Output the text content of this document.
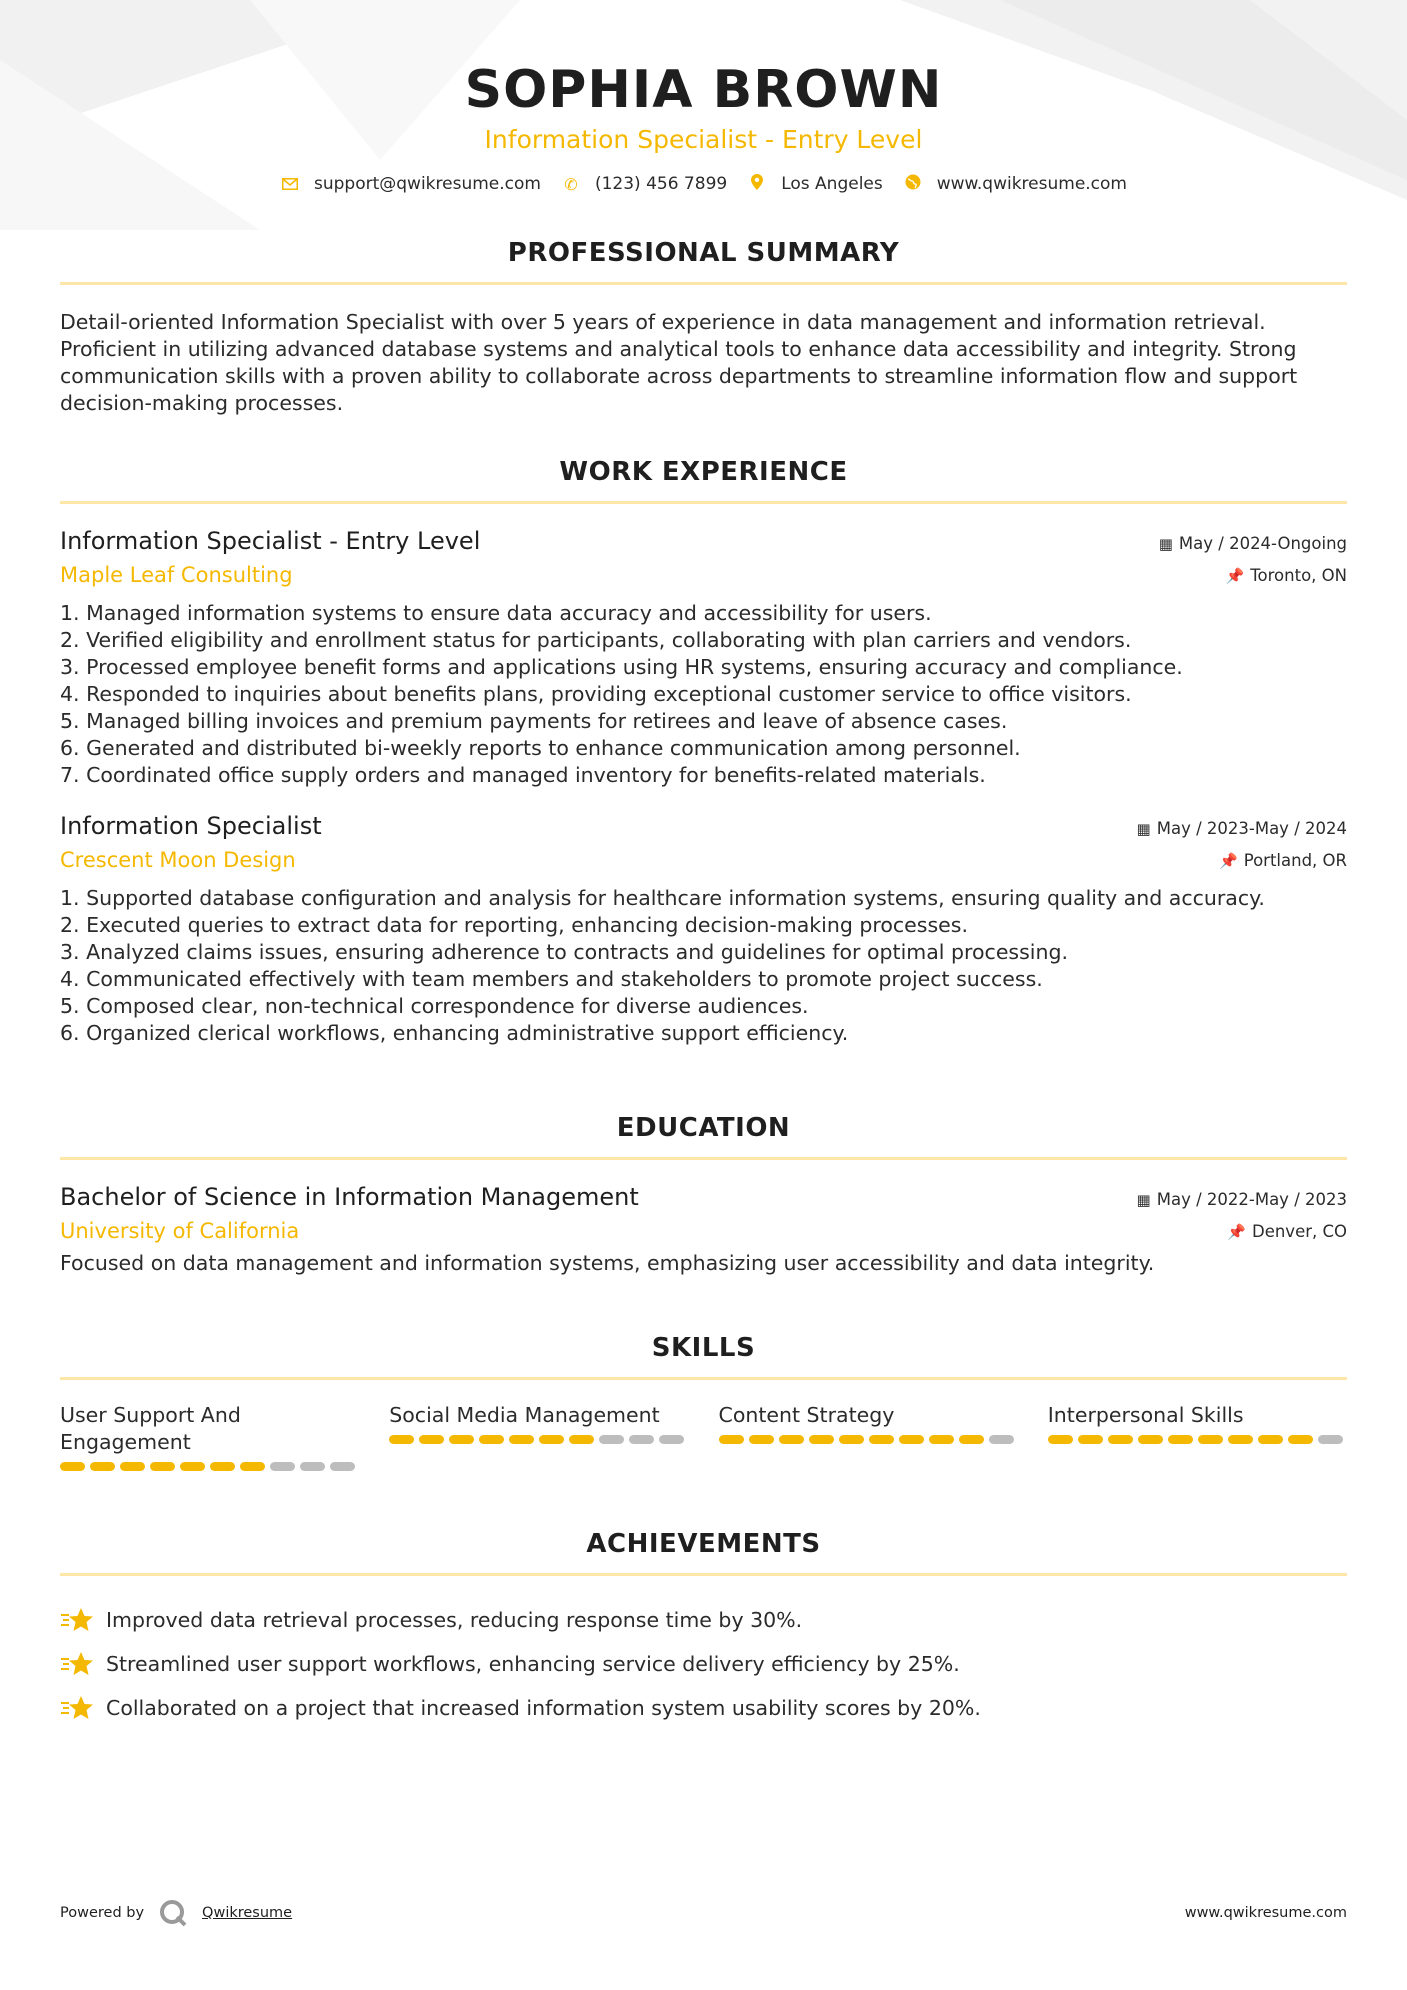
SOPHIA BROWN
Information Specialist - Entry Level
support@qwikresume.com ✆ (123) 456 7899	Los Angeles	www.qwikresume.com
PROFESSIONAL SUMMARY
Detail-oriented Information Specialist with over 5 years of experience in data management and information retrieval. Proficient in utilizing advanced database systems and analytical tools to enhance data accessibility and integrity. Strong communication skills with a proven ability to collaborate across departments to streamline information flow and support decision-making processes.
WORK EXPERIENCE
Information Specialist - Entry Level
Maple Leaf Consulting
▦ May / 2024-Ongoing
📌 Toronto, ON
1. Managed information systems to ensure data accuracy and accessibility for users.
2. Verified eligibility and enrollment status for participants, collaborating with plan carriers and vendors.
3. Processed employee benefit forms and applications using HR systems, ensuring accuracy and compliance.
4. Responded to inquiries about benefits plans, providing exceptional customer service to office visitors.
5. Managed billing invoices and premium payments for retirees and leave of absence cases.
6. Generated and distributed bi-weekly reports to enhance communication among personnel.
7. Coordinated office supply orders and managed inventory for benefits-related materials.
Information Specialist
Crescent Moon Design
▦ May / 2023-May / 2024
📌 Portland, OR
1. Supported database configuration and analysis for healthcare information systems, ensuring quality and accuracy.
2. Executed queries to extract data for reporting, enhancing decision-making processes.
3. Analyzed claims issues, ensuring adherence to contracts and guidelines for optimal processing.
4. Communicated effectively with team members and stakeholders to promote project success.
5. Composed clear, non-technical correspondence for diverse audiences.
6. Organized clerical workflows, enhancing administrative support efficiency.
EDUCATION
Bachelor of Science in Information Management
University of California
▦ May / 2022-May / 2023
📌 Denver, CO
Focused on data management and information systems, emphasizing user accessibility and data integrity.
SKILLS
User Support And Engagement
Social Media Management	Content Strategy	Interpersonal Skills
ACHIEVEMENTS
Improved data retrieval processes, reducing response time by 30%.
Streamlined user support workflows, enhancing service delivery efficiency by 25%.
Collaborated on a project that increased information system usability scores by 20%.
Powered by	Qwikresume	www.qwikresume.com
